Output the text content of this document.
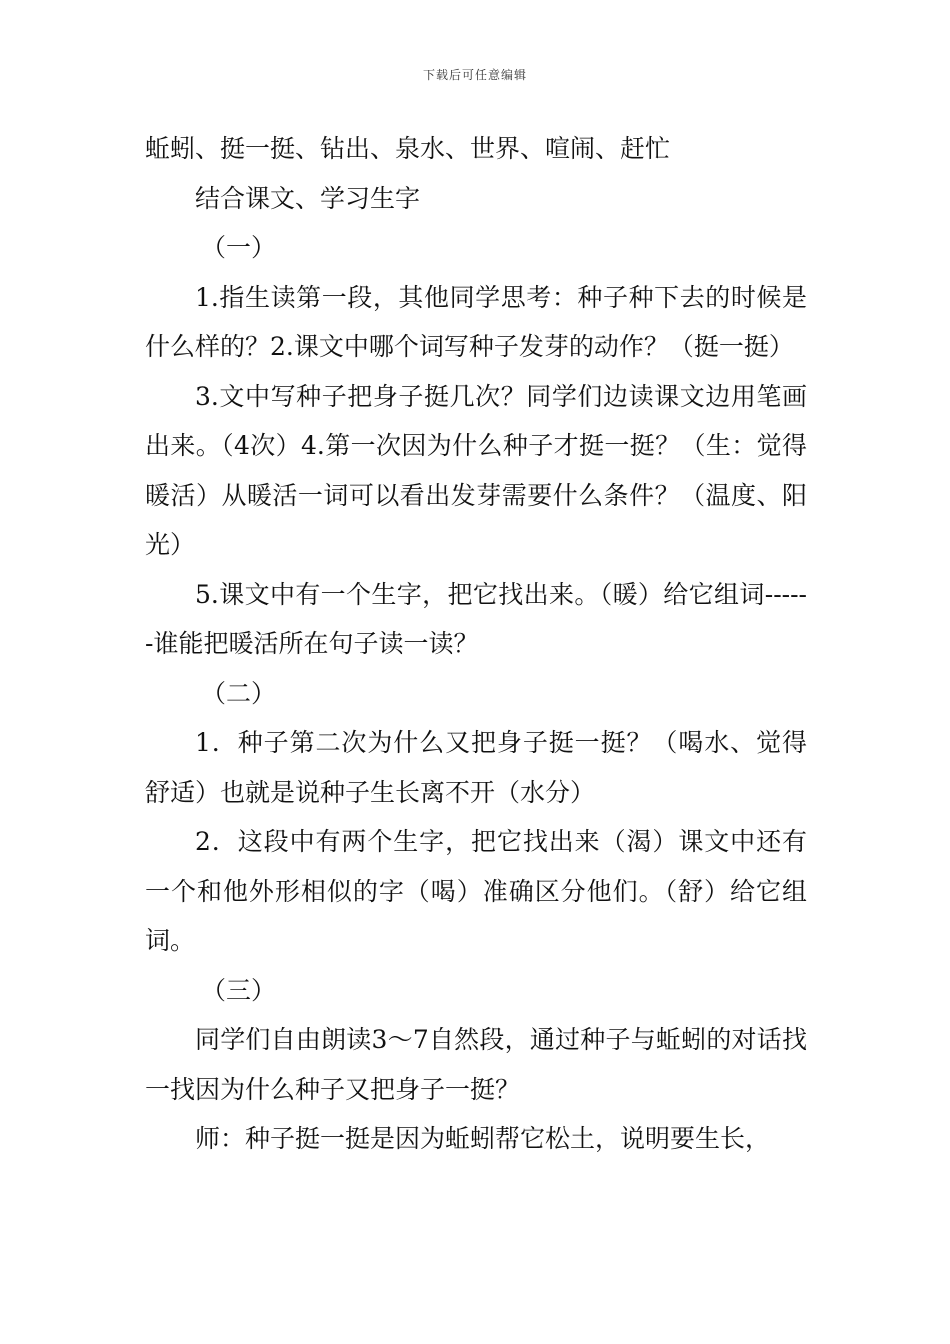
下载后可任意编辑

蚯蚓、挺一挺、钻出、泉水、世界、喧闹、赶忙

结合课文、学习生字

（一）

1.指生读第一段，其他同学思考：种子种下去的时候是什么样的？2.课文中哪个词写种子发芽的动作？（挺一挺）

3.文中写种子把身子挺几次？同学们边读课文边用笔画出来。（4次）4.第一次因为什么种子才挺一挺？（生：觉得暖活）从暖活一词可以看出发芽需要什么条件？（温度、阳光）

5.课文中有一个生字，把它找出来。（暖）给它组词------谁能把暖活所在句子读一读？

（二）

1．种子第二次为什么又把身子挺一挺？（喝水、觉得舒适）也就是说种子生长离不开（水分）

2．这段中有两个生字，把它找出来（渴）课文中还有一个和他外形相似的字（喝）准确区分他们。（舒）给它组词。

（三）

同学们自由朗读3～7自然段，通过种子与蚯蚓的对话找一找因为什么种子又把身子一挺？

师：种子挺一挺是因为蚯蚓帮它松土，说明要生长，
